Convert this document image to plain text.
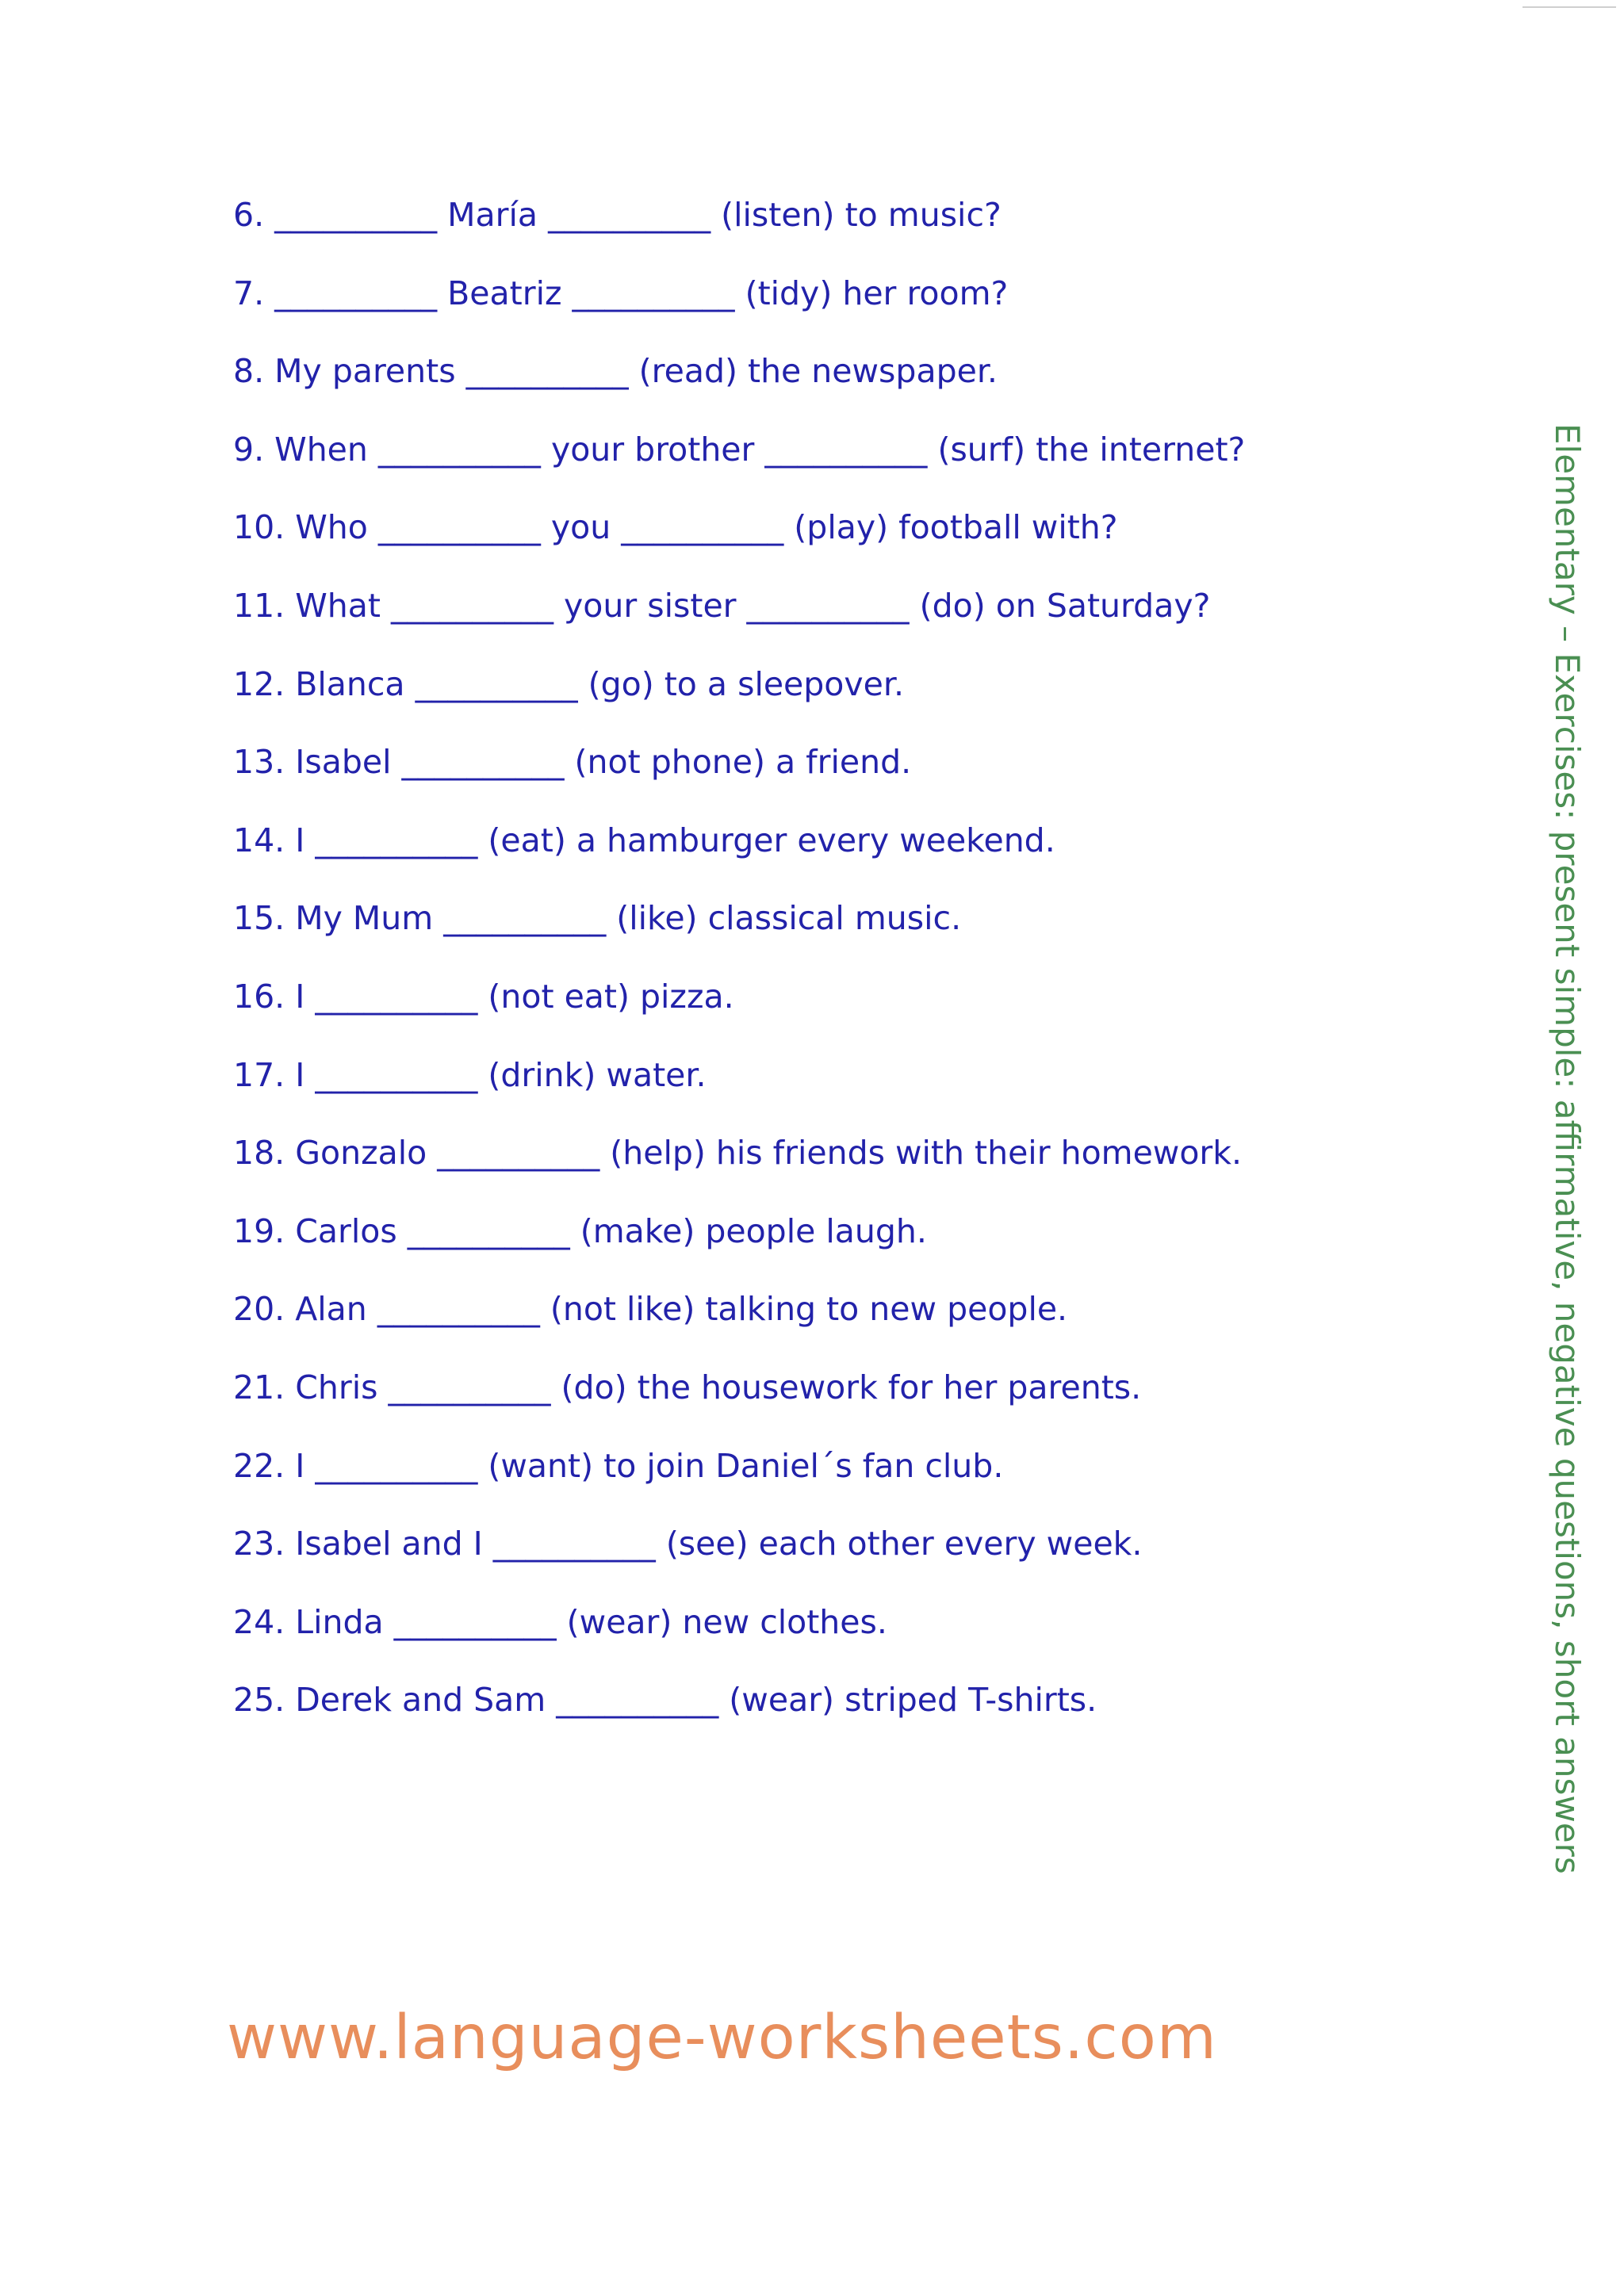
6. __________ María __________ (listen) to music?
7. __________ Beatriz __________ (tidy) her room?
8. My parents __________ (read) the newspaper.
9. When __________ your brother __________ (surf) the internet?
10. Who __________ you __________ (play) football with?
11. What __________ your sister __________ (do) on Saturday?
12. Blanca __________ (go) to a sleepover.
13. Isabel __________ (not phone) a friend.
14. I __________ (eat) a hamburger every weekend.
15. My Mum __________ (like) classical music.
16. I __________ (not eat) pizza.
17. I __________ (drink) water.
18. Gonzalo __________ (help) his friends with their homework.
19. Carlos __________ (make) people laugh.
20. Alan __________ (not like) talking to new people.
21. Chris __________ (do) the housework for her parents.
22. I __________ (want) to join Daniel´s fan club.
23. Isabel and I __________ (see) each other every week.
24. Linda __________ (wear) new clothes.
25. Derek and Sam __________ (wear) striped T-shirts.	Elementary – Exercises: present simple: affirmative, negative questions, short answers
www.language-worksheets.com
